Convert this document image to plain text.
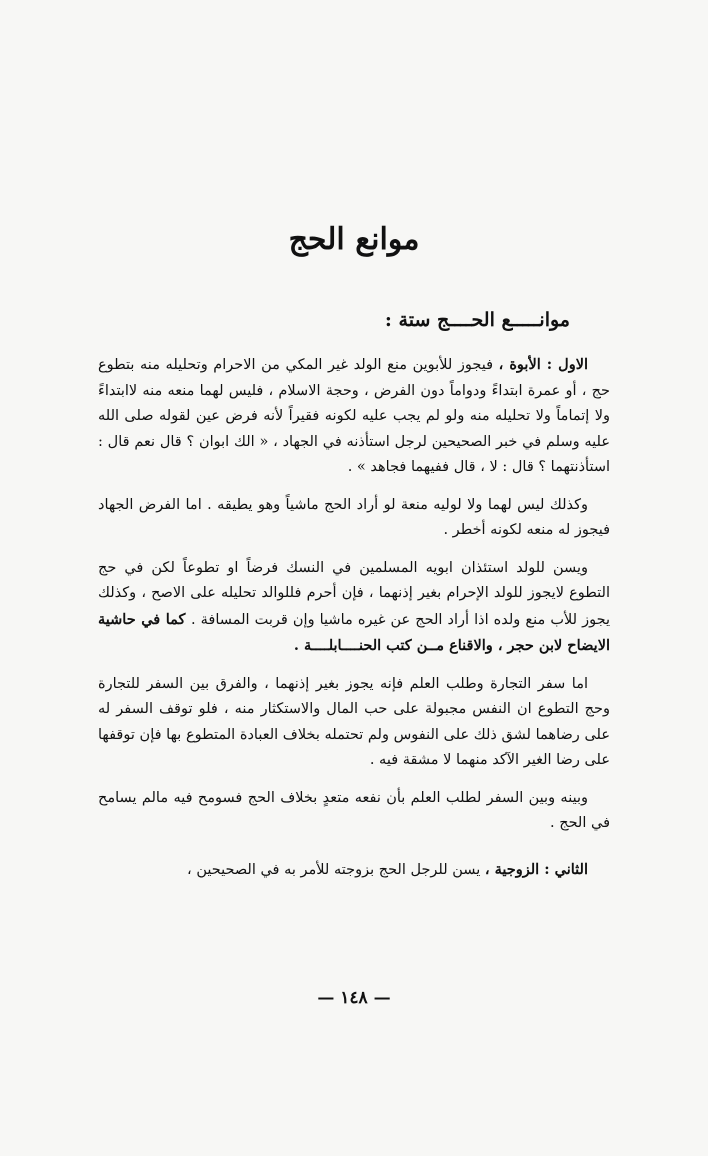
موانع الحج
موانـــــع الحــــج ستة :

الاول : الأبوة ، فيجوز للأبوين منع الولد غير المكي من الاحرام وتحليله منه بتطوع حج ، أو عمرة ابتداءً ودواماً دون الفرض ، وحجة الاسلام ، فليس لهما منعه منه لاابتداءً ولا إتماماً ولا تحليله منه ولو لم يجب عليه لكونه فقيراً لأنه فرض عين لقوله صلى الله عليه وسلم في خبر الصحيحين لرجل استأذنه في الجهاد ، « الك ابوان ؟ قال نعم قال : استأذنتهما ؟ قال : لا ، قال ففيهما فجاهد » .

وكذلك ليس لهما ولا لوليه منعة لو أراد الحج ماشياً وهو يطيقه . اما الفرض الجهاد فيجوز له منعه لكونه أخطر .

ويسن للولد استئذان ابويه المسلمين في النسك فرضاً او تطوعاً لكن في حج التطوع لايجوز للولد الإحرام بغير إذنهما ، فإن أحرم فللوالد تحليله على الاصح ، وكذلك يجوز للأب منع ولده اذا أراد الحج عن غيره ماشيا وإن قربت المسافة . كما في حاشية الايضاح لابن حجر ، والاقناع مــن كتب الحنــــابلــــة .

اما سفر التجارة وطلب العلم فإنه يجوز بغير إذنهما ، والفرق بين السفر للتجارة وحج التطوع ان النفس مجبولة على حب المال والاستكثار منه ، فلو توقف السفر له على رضاهما لشق ذلك على النفوس ولم تحتمله بخلاف العبادة المتطوع بها فإن توقفها على رضا الغير الآكد منهما لا مشقة فيه .

وبينه وبين السفر لطلب العلم بأن نفعه متعدٍ بخلاف الحج فسومح فيه مالم يسامح في الحج .

الثاني : الزوجية ، يسن للرجل الحج بزوجته للأمر به في الصحيحين ،

— ١٤٨ —
